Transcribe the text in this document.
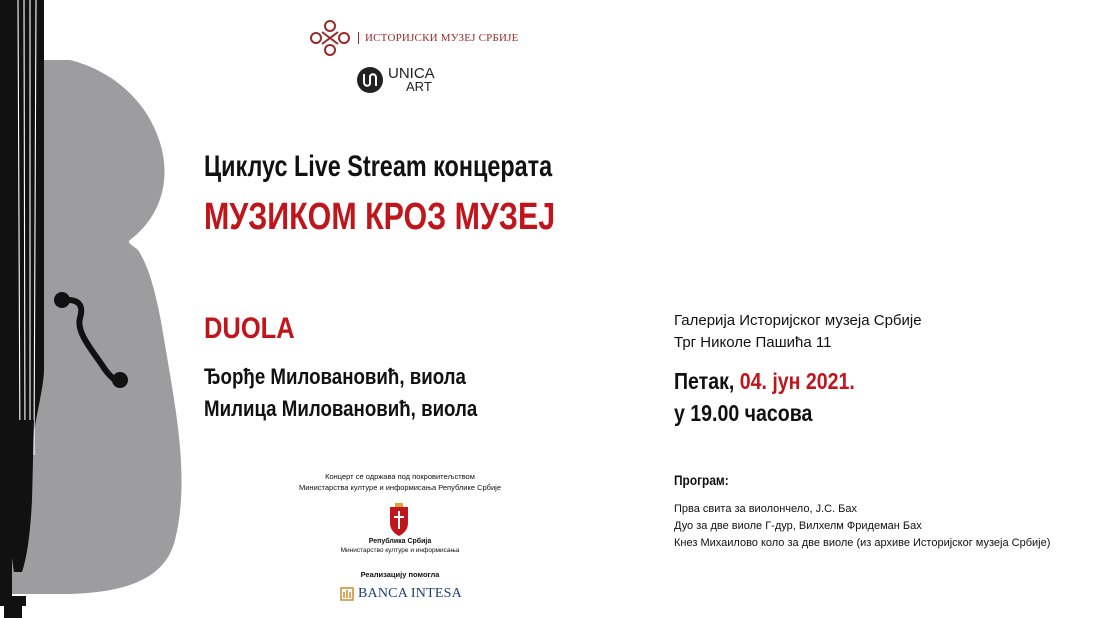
ИСТОРИЈСКИ МУЗЕЈ СРБИЈЕ
UNICA
ART
Циклус Live Stream концерата
МУЗИКОМ КРОЗ МУЗЕЈ
DUOLA
Ђорђе Миловановић, виола
Милица Миловановић, виола
Галерија Историјског музеја Србије
Трг Николе Пашића 11
Петак, 04. јун 2021.
у 19.00 часова
Програм:
Прва свита за виолончело, Ј.С. Бах
Дуо за две виоле Г-дур, Вилхелм Фридеман Бах
Кнез Михаилово коло за две виоле (из архиве Историјског музеја Србије)
Концерт се одржава под покровитељством
Министарства културе и информисања Републике Србије
Република Србија
Министарство културе и информисања
Реализацију помогла
BANCA INTESA
